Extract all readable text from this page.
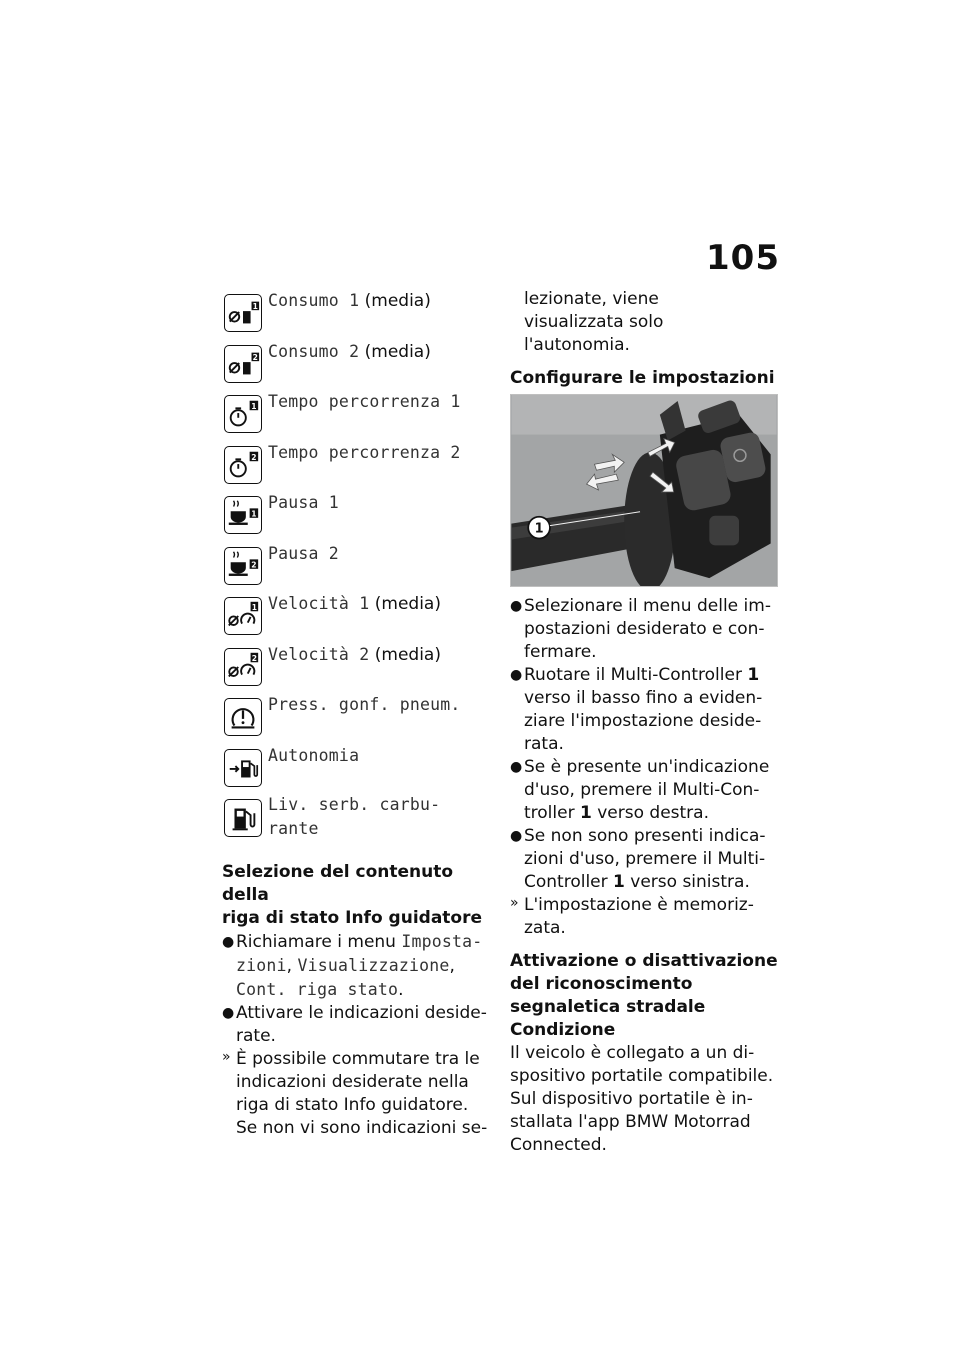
105
1 Consumo 1 (media)
2 Consumo 2 (media)
1 Tempo percorrenza 1
2 Tempo percorrenza 2
1
Pausa 1
2
Pausa 2
1 Velocità 1 (media)
2 Velocità 2 (media)
Press. gonf. pneum.
Autonomia
Liv. serb. carbu-
rante

Selezione del contenuto della
riga di stato Info guidatore

● Richiamare i menu Imposta-
zioni, Visualizzazione,
Cont. riga stato.
● Attivare le indicazioni deside-rate.
» È possibile commutare tra le indicazioni desiderate nella riga di stato Info guidatore. Se non vi sono indicazioni se-

lezionate, viene visualizzata solo l'autonomia.

Configurare le impostazioni

1
● Selezionare il menu delle im-postazioni desiderato e con-fermare.
● Ruotare il Multi-Controller 1 verso il basso fino a eviden-ziare l'impostazione deside-rata.
● Se è presente un'indicazione d'uso, premere il Multi-Con-troller 1 verso destra.
● Se non sono presenti indica-zioni d'uso, premere il Multi-Controller 1 verso sinistra.
» L'impostazione è memoriz-zata.

Attivazione o disattivazione
del riconoscimento
segnaletica stradale

Condizione

Il veicolo è collegato a un di-spositivo portatile compatibile. Sul dispositivo portatile è in-stallata l'app BMW Motorrad Connected.
